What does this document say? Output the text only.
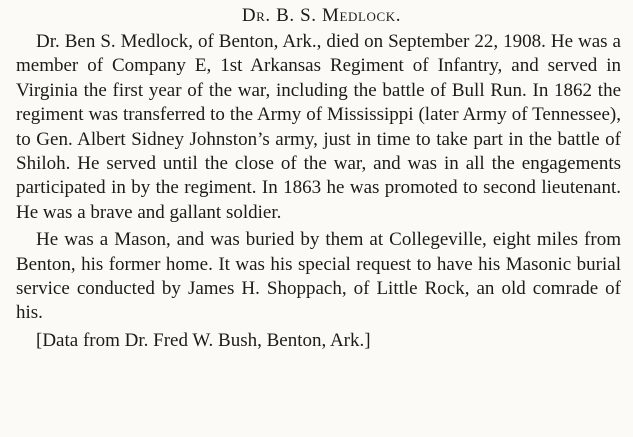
Dr. B. S. Medlock.

Dr. Ben S. Medlock, of Benton, Ark., died on September 22, 1908. He was a member of Company E, 1st Arkansas Regiment of Infantry, and served in Virginia the first year of the war, including the battle of Bull Run. In 1862 the regiment was transferred to the Army of Mississippi (later Army of Tennessee), to Gen. Albert Sidney Johnston’s army, just in time to take part in the battle of Shiloh. He served until the close of the war, and was in all the engagements participated in by the regiment. In 1863 he was promoted to second lieutenant. He was a brave and gallant soldier.

He was a Mason, and was buried by them at Collegeville, eight miles from Benton, his former home. It was his special request to have his Masonic burial service conducted by James H. Shoppach, of Little Rock, an old comrade of his.

[Data from Dr. Fred W. Bush, Benton, Ark.]
